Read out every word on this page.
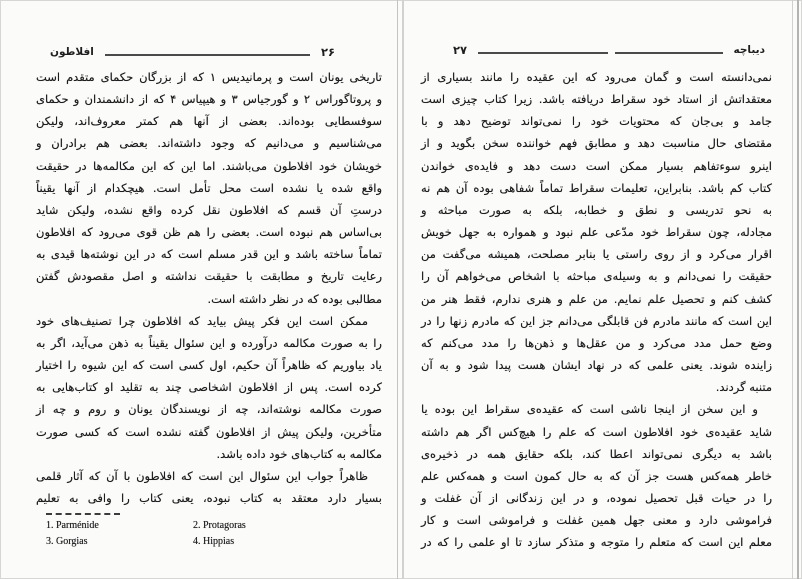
افلاطون	۲۶
تاریخی یونان است و پرمانیدیس ۱ که از بزرگان حکمای متقدم است
و پروتاگوراس ۲ و گورجیاس ۳ و هیپیاس ۴ که از دانشمندان و حکمای
سوفسطایی بوده‌اند. بعضی از آنها هم کمتر معروف‌اند، ولیکن
می‌شناسیم و می‌دانیم که وجود داشته‌اند. بعضی هم برادران و
خویشان خود افلاطون می‌باشند. اما این که این مکالمه‌ها در حقیقت
واقع شده یا نشده است محل تأمل است. هیچکدام از آنها یقیناً
درستِ آن قسم که افلاطون نقل کرده واقع نشده، ولیکن شاید
بی‌اساس هم نبوده است. بعضی را هم ظن قوی می‌رود که افلاطون
تماماً ساخته باشد و این قدر مسلم است که در این نوشته‌ها قیدی به
رعایت تاریخ و مطابقت با حقیقت نداشته و اصل مقصودش گفتن
مطالبی بوده که در نظر داشته است.
ممکن است این فکر پیش بیاید که افلاطون چرا تصنیف‌های خود
را به صورت مکالمه درآورده و این سئوال یقیناً به ذهن می‌آید، اگر به
یاد بیاوریم که ظاهراً آن حکیم، اول کسی است که این شیوه را اختیار
کرده است. پس از افلاطون اشخاصی چند به تقلید او کتاب‌هایی به
صورت مکالمه نوشته‌اند، چه از نویسندگان یونان و روم و چه از
متأخرین، ولیکن پیش از افلاطون گفته نشده است که کسی صورت
مکالمه به کتاب‌های خود داده باشد.
ظاهراً جواب این سئوال این است که افلاطون با آن که آثار قلمی
بسیار دارد معتقد به کتاب نبوده، یعنی کتاب را وافی به تعلیم
1. Parménide	2. Protagoras
3. Gorgias	4. Hippias
۲۷	دیباچه
نمی‌دانسته است و گمان می‌رود که این عقیده را مانند بسیاری از
معتقداتش از استاد خود سقراط دریافته باشد. زیرا کتاب چیزی است
جامد و بی‌جان که محتویات خود را نمی‌تواند توضیح دهد و با
مقتضای حال مناسبت دهد و مطابق فهم خواننده سخن بگوید و از
اینرو سوءتفاهم بسیار ممکن است دست دهد و فایده‌ی خواندن
کتاب کم باشد. بنابراین، تعلیمات سقراط تماماً شفاهی بوده آن هم نه
به نحو تدریسی و نطق و خطابه، بلکه به صورت مباحثه و
مجادله، چون سقراط خود مدّعی علم نبود و همواره به جهل خویش
اقرار می‌کرد و از روی راستی یا بنابر مصلحت، همیشه می‌گفت من
حقیقت را نمی‌دانم و به وسیله‌ی مباحثه با اشخاص می‌خواهم آن را
کشف کنم و تحصیل علم نمایم. من علم و هنری ندارم، فقط هنر من
این است که مانند مادرم فن قابلگی می‌دانم جز این که مادرم زنها را در
وضع حمل مدد می‌کرد و من عقل‌ها و ذهن‌ها را مدد می‌کنم که
زاینده شوند. یعنی علمی که در نهاد ایشان هست پیدا شود و به آن
متنبه گردند.
و این سخن از اینجا ناشی است که عقیده‌ی سقراط این بوده یا
شاید عقیده‌ی خود افلاطون است که علم را هیچ‌کس اگر هم داشته
باشد به دیگری نمی‌تواند اعطا کند، بلکه حقایق همه در ذخیره‌ی
خاطر همه‌کس هست جز آن که به حال کمون است و همه‌کس علم
را در حیات قبل تحصیل نموده، و در این زندگانی از آن غفلت و
فراموشی دارد و معنی جهل همین غفلت و فراموشی است و کار
معلم این است که متعلم را متوجه و متذکر سازد تا او علمی را که در
